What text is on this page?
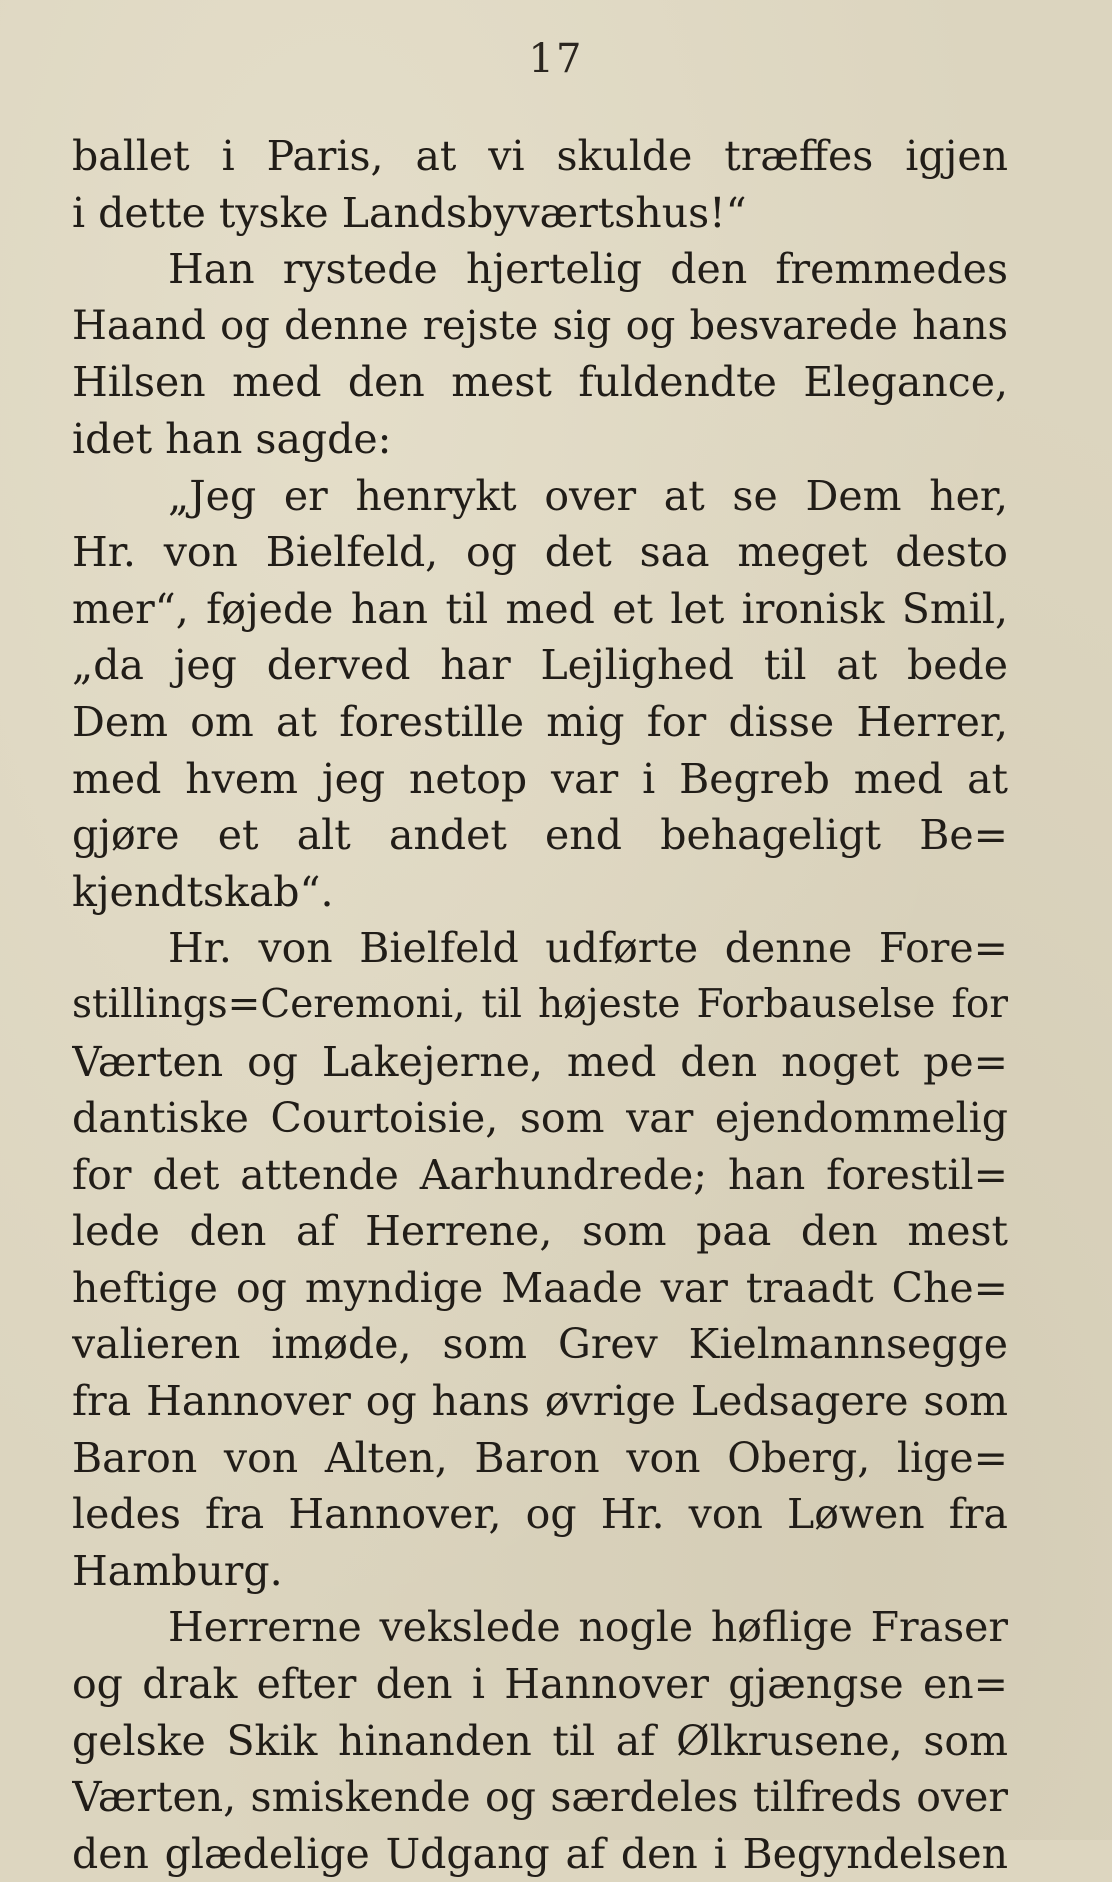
17
ballet i Paris, at vi skulde træffes igjen
i dette tyske Landsbyværtshus!“
Han rystede hjertelig den fremmedes
Haand og denne rejste sig og besvarede hans
Hilsen med den mest fuldendte Elegance,
idet han sagde:
„Jeg er henrykt over at se Dem her,
Hr. von Bielfeld, og det saa meget desto
mer“, føjede han til med et let ironisk Smil,
„da jeg derved har Lejlighed til at bede
Dem om at forestille mig for disse Herrer,
med hvem jeg netop var i Begreb med at
gjøre et alt andet end behageligt Be=
kjendtskab“.
Hr. von Bielfeld udførte denne Fore=
stillings=Ceremoni, til højeste Forbauselse for
Værten og Lakejerne, med den noget pe=
dantiske Courtoisie, som var ejendommelig
for det attende Aarhundrede; han forestil=
lede den af Herrene, som paa den mest
heftige og myndige Maade var traadt Che=
valieren imøde, som Grev Kielmannsegge
fra Hannover og hans øvrige Ledsagere som
Baron von Alten, Baron von Oberg, lige=
ledes fra Hannover, og Hr. von Løwen fra
Hamburg.
Herrerne vekslede nogle høflige Fraser
og drak efter den i Hannover gjængse en=
gelske Skik hinanden til af Ølkrusene, som
Værten, smiskende og særdeles tilfreds over
den glædelige Udgang af den i Begyndelsen
